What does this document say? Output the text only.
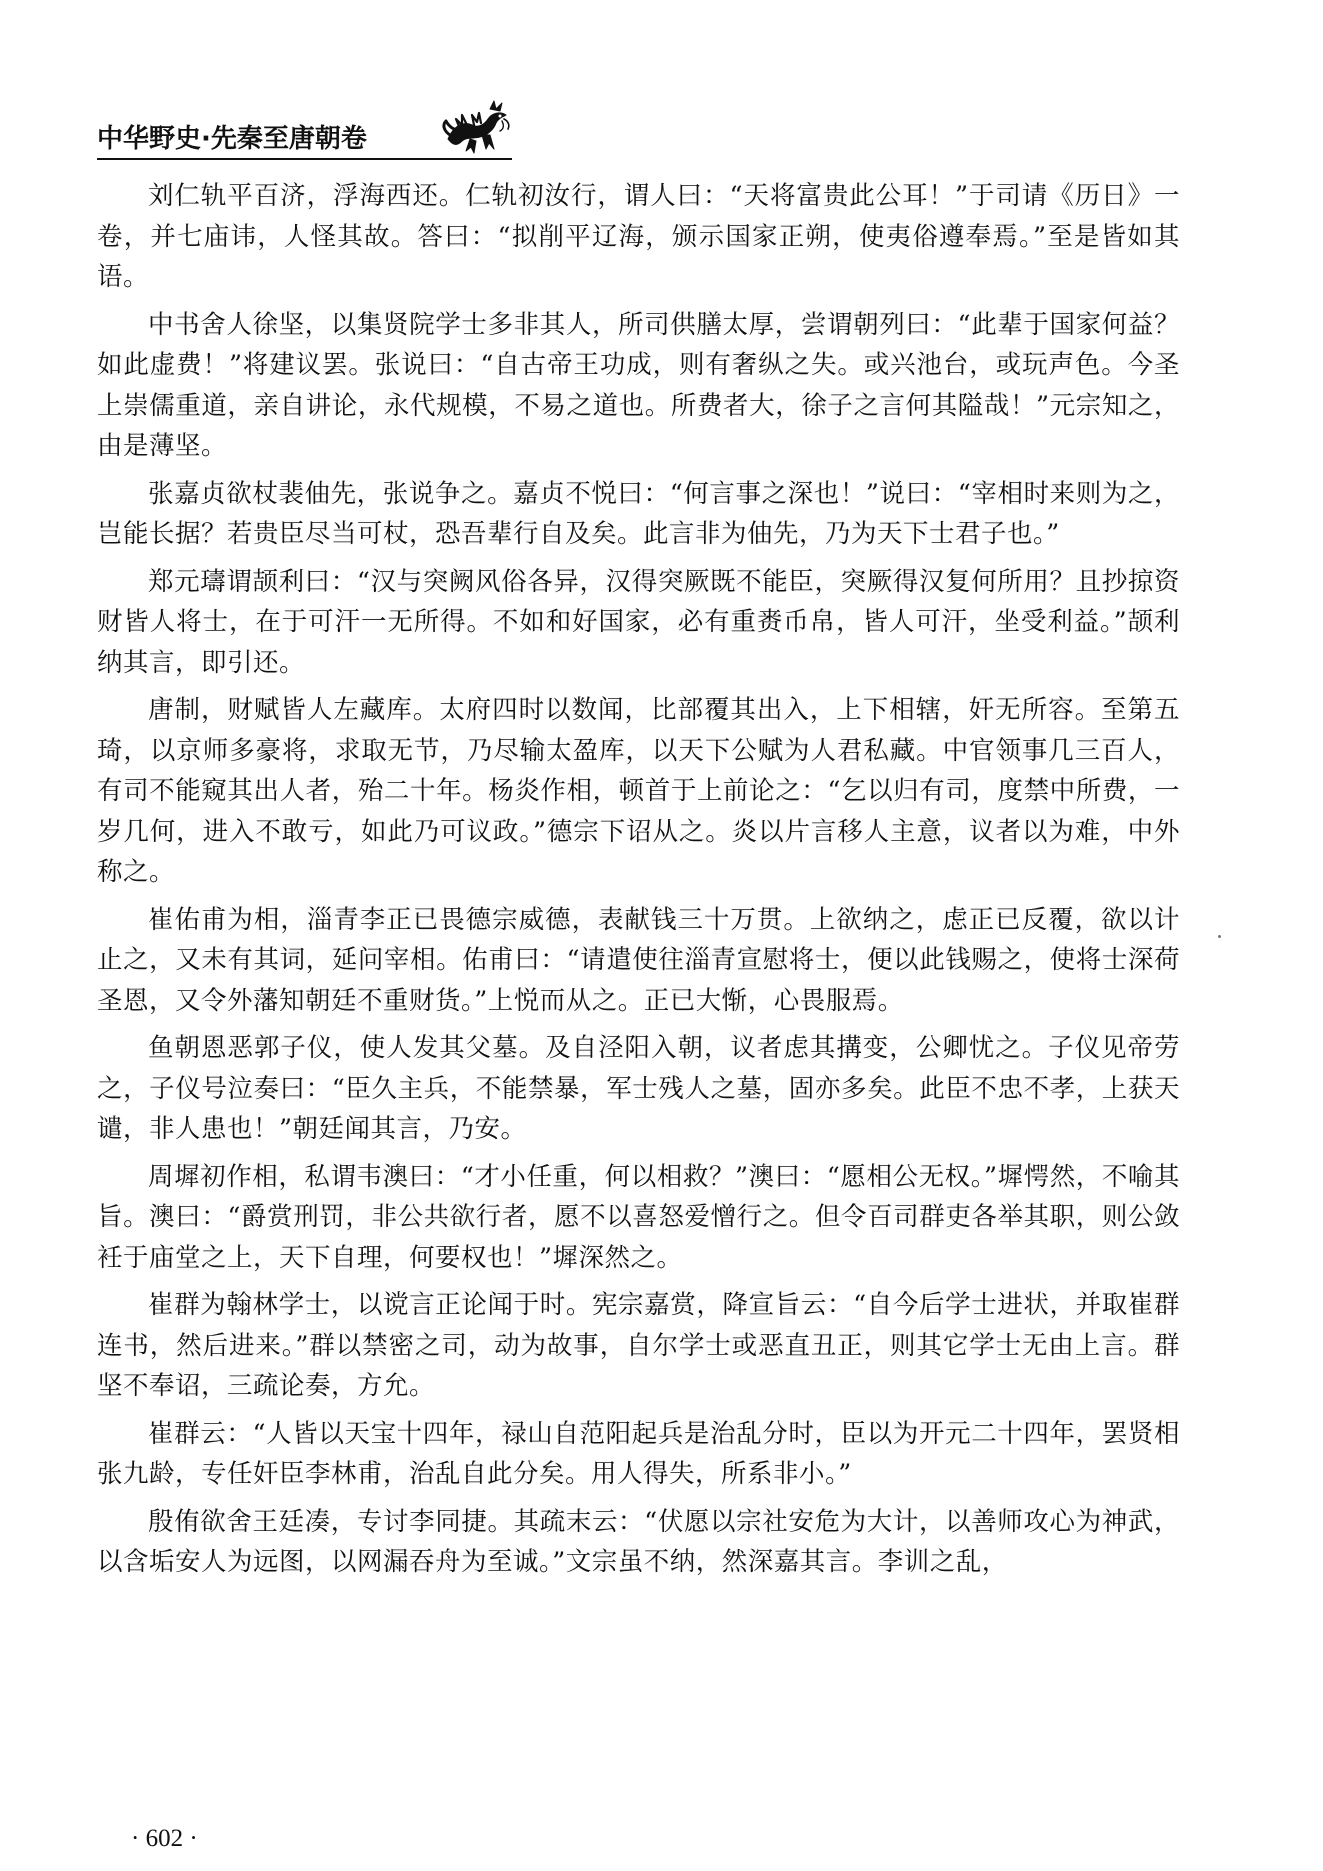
中华野史·先秦至唐朝卷

刘仁轨平百济，浮海西还。仁轨初汝行，谓人曰：“天将富贵此公耳！”于司请《历日》一卷，并七庙讳，人怪其故。答曰：“拟削平辽海，颁示国家正朔，使夷俗遵奉焉。”至是皆如其语。

中书舍人徐坚，以集贤院学士多非其人，所司供膳太厚，尝谓朝列曰：“此辈于国家何益？如此虚费！”将建议罢。张说曰：“自古帝王功成，则有奢纵之失。或兴池台，或玩声色。今圣上崇儒重道，亲自讲论，永代规模，不易之道也。所费者大，徐子之言何其隘哉！”元宗知之，由是薄坚。

张嘉贞欲杖裴伷先，张说争之。嘉贞不悦曰：“何言事之深也！”说曰：“宰相时来则为之，岂能长据？若贵臣尽当可杖，恐吾辈行自及矣。此言非为伷先，乃为天下士君子也。”

郑元璹谓颉利曰：“汉与突阙风俗各异，汉得突厥既不能臣，突厥得汉复何所用？且抄掠资财皆人将士，在于可汗一无所得。不如和好国家，必有重赉币帛，皆人可汗，坐受利益。”颉利纳其言，即引还。

唐制，财赋皆人左藏库。太府四时以数闻，比部覆其出入，上下相辖，奸无所容。至第五琦，以京师多豪将，求取无节，乃尽输太盈库，以天下公赋为人君私藏。中官领事几三百人，有司不能窥其出人者，殆二十年。杨炎作相，顿首于上前论之：“乞以归有司，度禁中所费，一岁几何，进入不敢亏，如此乃可议政。”德宗下诏从之。炎以片言移人主意，议者以为难，中外称之。

崔佑甫为相，淄青李正已畏德宗威德，表献钱三十万贯。上欲纳之，虑正已反覆，欲以计止之，又未有其词，延问宰相。佑甫曰：“请遣使往淄青宣慰将士，便以此钱赐之，使将士深荷圣恩，又令外藩知朝廷不重财货。”上悦而从之。正已大惭，心畏服焉。

鱼朝恩恶郭子仪，使人发其父墓。及自泾阳入朝，议者虑其搆变，公卿忧之。子仪见帝劳之，子仪号泣奏曰：“臣久主兵，不能禁暴，军士残人之墓，固亦多矣。此臣不忠不孝，上获天谴，非人患也！”朝廷闻其言，乃安。

周墀初作相，私谓韦澳曰：“才小任重，何以相救？”澳曰：“愿相公无权。”墀愕然，不喻其旨。澳曰：“爵赏刑罚，非公共欲行者，愿不以喜怒爱憎行之。但令百司群吏各举其职，则公敛衽于庙堂之上，天下自理，何要权也！”墀深然之。

崔群为翰林学士，以谠言正论闻于时。宪宗嘉赏，降宣旨云：“自今后学士进状，并取崔群连书，然后进来。”群以禁密之司，动为故事，自尔学士或恶直丑正，则其它学士无由上言。群坚不奉诏，三疏论奏，方允。

崔群云：“人皆以天宝十四年，禄山自范阳起兵是治乱分时，臣以为开元二十四年，罢贤相张九龄，专任奸臣李林甫，治乱自此分矣。用人得失，所系非小。”

殷侑欲舍王廷凑，专讨李同捷。其疏末云：“伏愿以宗社安危为大计，以善师攻心为神武，以含垢安人为远图，以网漏吞舟为至诚。”文宗虽不纳，然深嘉其言。李训之乱，

· 602 ·
